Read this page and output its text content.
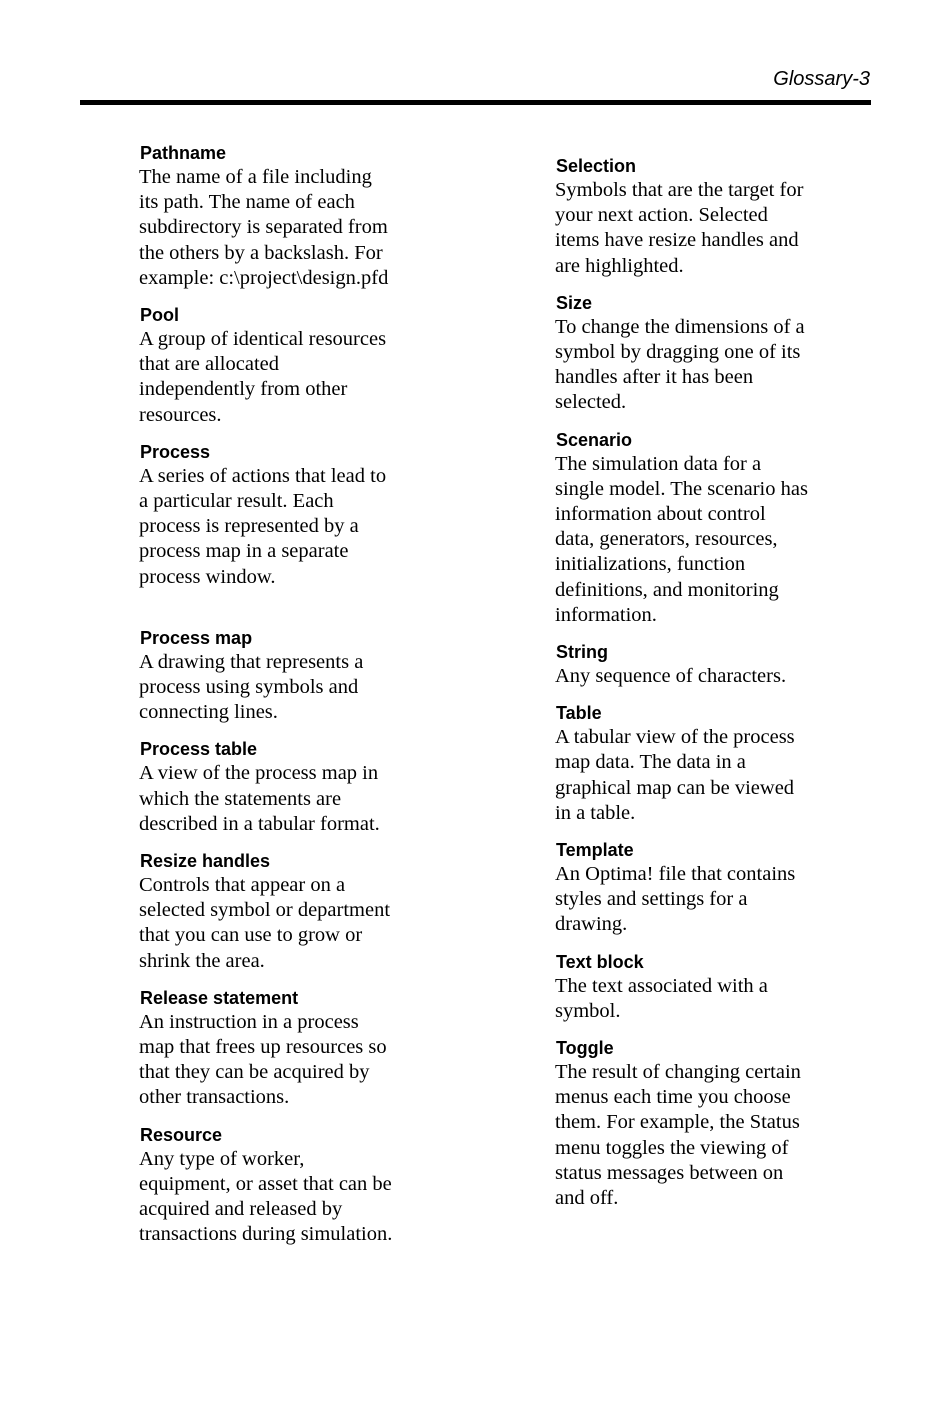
Glossary-3
Pathname
The name of a file including
its path. The name of each
subdirectory is separated from
the others by a backslash. For
example: c:\project\design.pfd
Pool
A group of identical resources
that are allocated
independently from other
resources.
Process
A series of actions that lead to
a particular result. Each
process is represented by a
process map in a separate
process window.
Process map
A drawing that represents a
process using symbols and
connecting lines.
Process table
A view of the process map in
which the statements are
described in a tabular format.
Resize handles
Controls that appear on a
selected symbol or department
that you can use to grow or
shrink the area.
Release statement
An instruction in a process
map that frees up resources so
that they can be acquired by
other transactions.
Resource
Any type of worker,
equipment, or asset that can be
acquired and released by
transactions during simulation.
Selection
Symbols that are the target for
your next action. Selected
items have resize handles and
are highlighted.
Size
To change the dimensions of a
symbol by dragging one of its
handles after it has been
selected.
Scenario
The simulation data for a
single model. The scenario has
information about control
data, generators, resources,
initializations, function
definitions, and monitoring
information.
String
Any sequence of characters.
Table
A tabular view of the process
map data. The data in a
graphical map can be viewed
in a table.
Template
An Optima! file that contains
styles and settings for a
drawing.
Text block
The text associated with a
symbol.
Toggle
The result of changing certain
menus each time you choose
them. For example, the Status
menu toggles the viewing of
status messages between on
and off.
